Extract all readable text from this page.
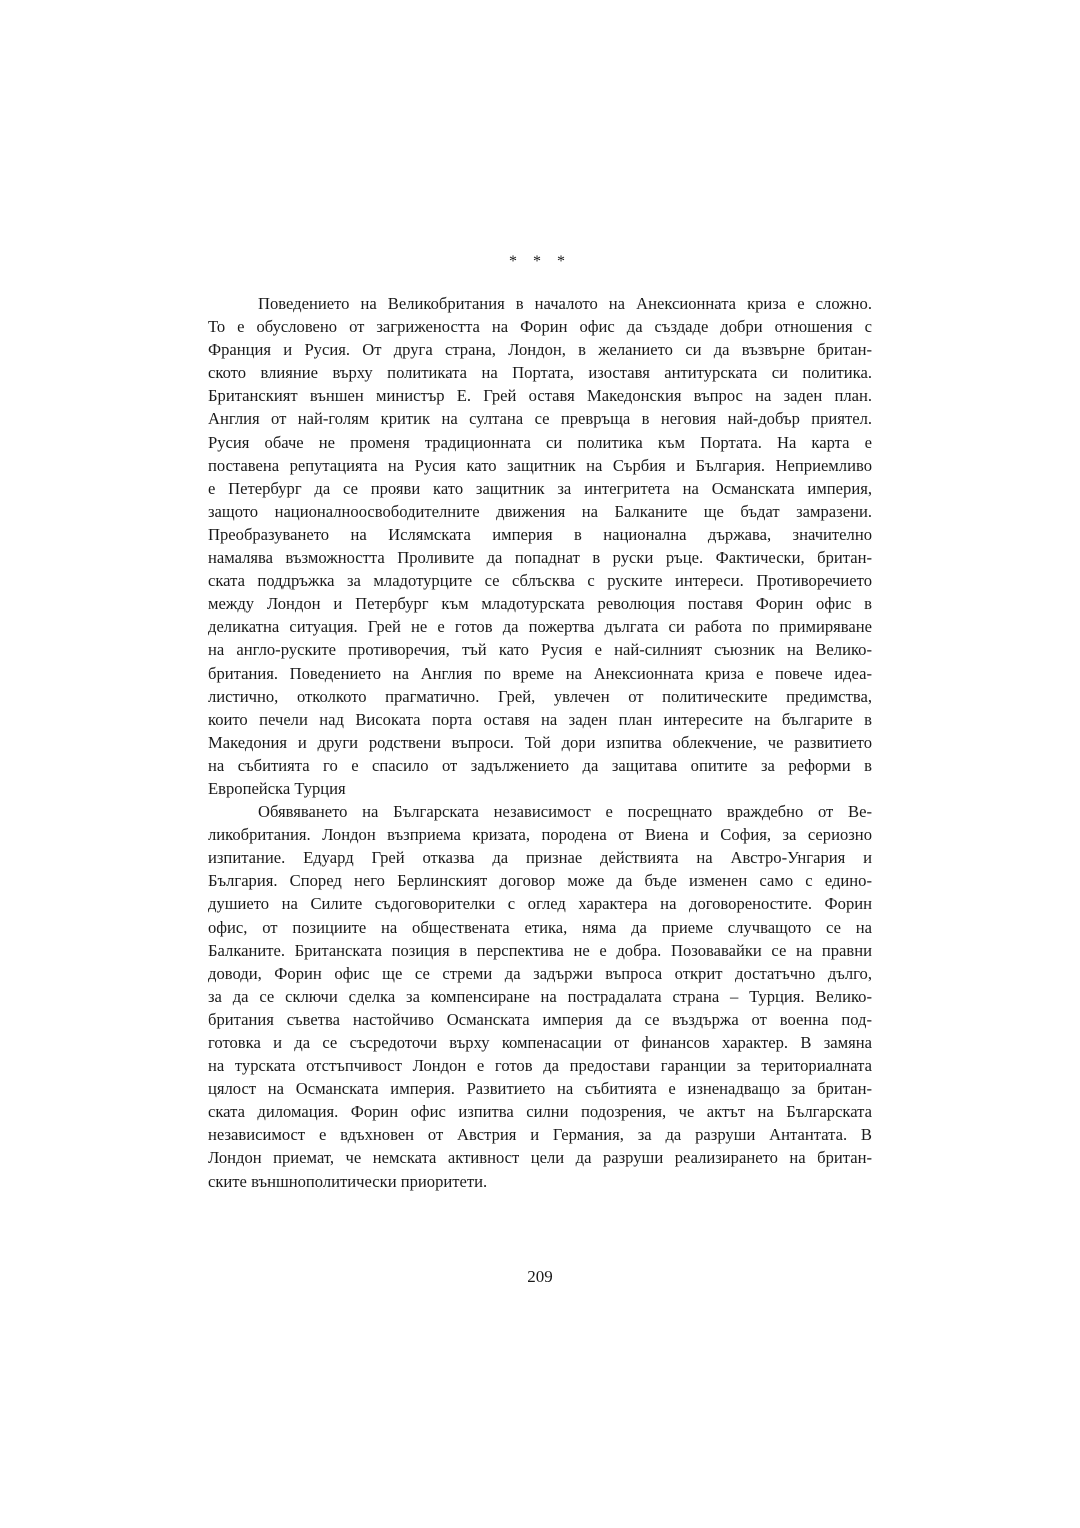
* * *

Поведението на Великобритания в началото на Анексионната криза е сложно.
То е обусловено от загрижеността на Форин офис да създаде добри отношения с
Франция и Русия. От друга страна, Лондон, в желанието си да възвърне британ-
ското влияние върху политиката на Портата, изоставя антитурската си политика.
Британският външен министър Е. Грей оставя Македонския въпрос на заден план.
Англия от най-голям критик на султана се превръща в неговия най-добър приятел.
Русия обаче не променя традиционната си политика към Портата. На карта е
поставена репутацията на Русия като защитник на Сърбия и България. Неприемливо
е Петербург да се прояви като защитник за интегритета на Османската империя,
защото националноосвободителните движения на Балканите ще бъдат замразени.
Преобразуването на Ислямската империя в национална държава, значително
намалява възможността Проливите да попаднат в руски ръце. Фактически, британ-
ската поддръжка за младотурците се сблъсква с руските интереси. Противоречието
между Лондон и Петербург към младотурската революция поставя Форин офис в
деликатна ситуация. Грей не е готов да пожертва дългата си работа по примиряване
на англо-руските противоречия, тъй като Русия е най-силният съюзник на Велико-
британия. Поведението на Англия по време на Анексионната криза е повече идеа-
листично, отколкото прагматично. Грей, увлечен от политическите предимства,
които печели над Високата порта оставя на заден план интересите на българите в
Македония и други родствени въпроси. Той дори изпитва облекчение, че развитието
на събитията го е спасило от задължението да защитава опитите за реформи в
Европейска Турция

Обявяването на Българската независимост е посрещнато враждебно от Ве-
ликобритания. Лондон възприема кризата, породена от Виена и София, за сериозно
изпитание. Едуард Грей отказва да признае действията на Австро-Унгария и
България. Според него Берлинският договор може да бъде изменен само с едино-
душието на Силите съдоговорителки с оглед характера на договореностите. Форин
офис, от позициите на обществената етика, няма да приеме случващото се на
Балканите. Британската позиция в перспектива не е добра. Позовавайки се на правни
доводи, Форин офис ще се стреми да задържи въпроса открит достатъчно дълго,
за да се сключи сделка за компенсиране на пострадалата страна – Турция. Велико-
британия съветва настойчиво Османската империя да се въздържа от военна под-
готовка и да се съсредоточи върху компенасации от финансов характер. В замяна
на турската отстъпчивост Лондон е готов да предостави гаранции за териториалната
цялост на Османската империя. Развитието на събитията е изненадващо за британ-
ската диломация. Форин офис изпитва силни подозрения, че актът на Българската
независимост е вдъхновен от Австрия и Германия, за да разруши Антантата. В
Лондон приемат, че немската активност цели да разруши реализирането на британ-
ските външнополитически приоритети.

209
